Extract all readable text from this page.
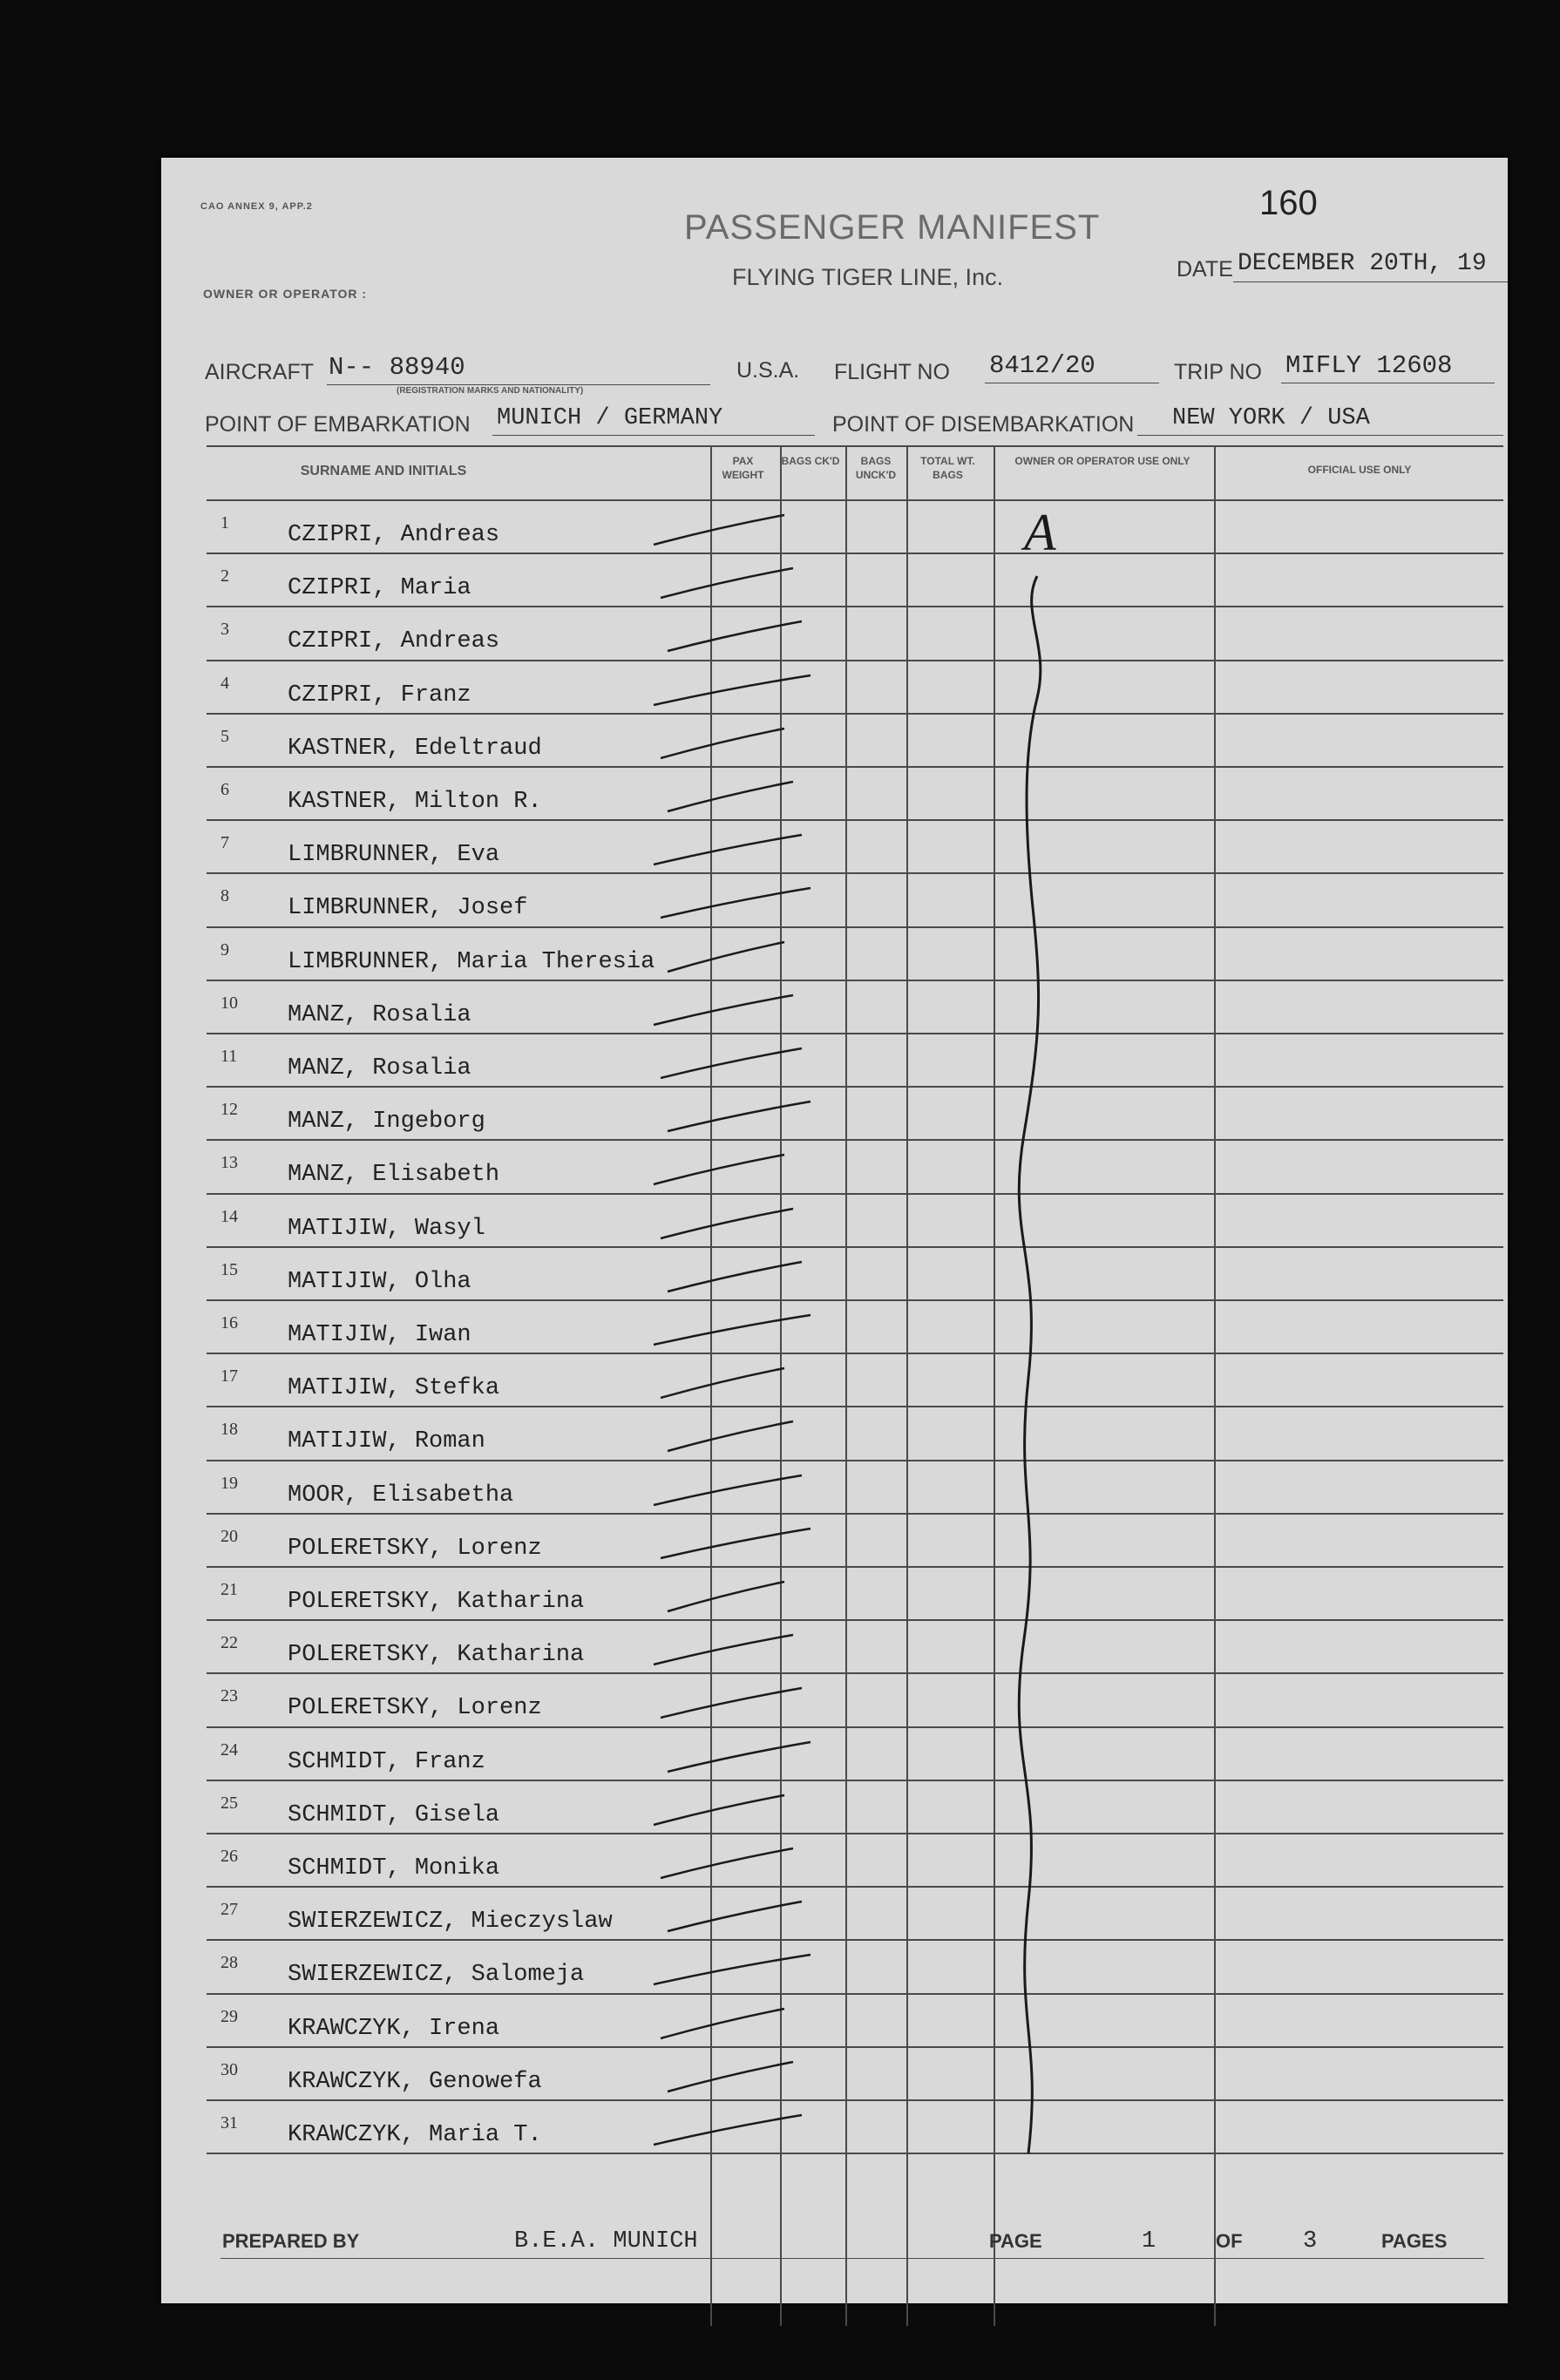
CAO ANNEX 9, APP.2	160
PASSENGER MANIFEST
FLYING TIGER LINE, Inc.
OWNER OR OPERATOR :
DATE DECEMBER 20TH, 19
AIRCRAFT N-- 88940
(REGISTRATION MARKS AND NATIONALITY)
U.S.A. FLIGHT NO 8412/20	TRIP NO MIFLY 12608
POINT OF EMBARKATION MUNICH / GERMANY	POINT OF DISEMBARKATION NEW YORK / USA
SURNAME AND INITIALS
PAX WEIGHT
BAGS CK'D	BAGS UNCK'D
TOTAL WT. BAGS
OWNER OR OPERATOR USE ONLY
OFFICIAL USE ONLY
1 CZIPRI, Andreas
2 CZIPRI, Maria
3 CZIPRI, Andreas
4 CZIPRI, Franz
5 KASTNER, Edeltraud
6 KASTNER, Milton R.
7 LIMBRUNNER, Eva
8 LIMBRUNNER, Josef
9 LIMBRUNNER, Maria Theresia
10 MANZ, Rosalia
11 MANZ, Rosalia
12 MANZ, Ingeborg
13 MANZ, Elisabeth
14 MATIJIW, Wasyl
15 MATIJIW, Olha
16 MATIJIW, Iwan
17 MATIJIW, Stefka
18 MATIJIW, Roman
19 MOOR, Elisabetha
20 POLERETSKY, Lorenz
21 POLERETSKY, Katharina
22 POLERETSKY, Katharina
23 POLERETSKY, Lorenz
24 SCHMIDT, Franz
25 SCHMIDT, Gisela
26 SCHMIDT, Monika
27 SWIERZEWICZ, Mieczyslaw
28 SWIERZEWICZ, Salomeja
29 KRAWCZYK, Irena
30 KRAWCZYK, Genowefa
31 KRAWCZYK, Maria T.
PREPARED BY	B.E.A. MUNICH	PAGE	1	OF	3	PAGES
A
